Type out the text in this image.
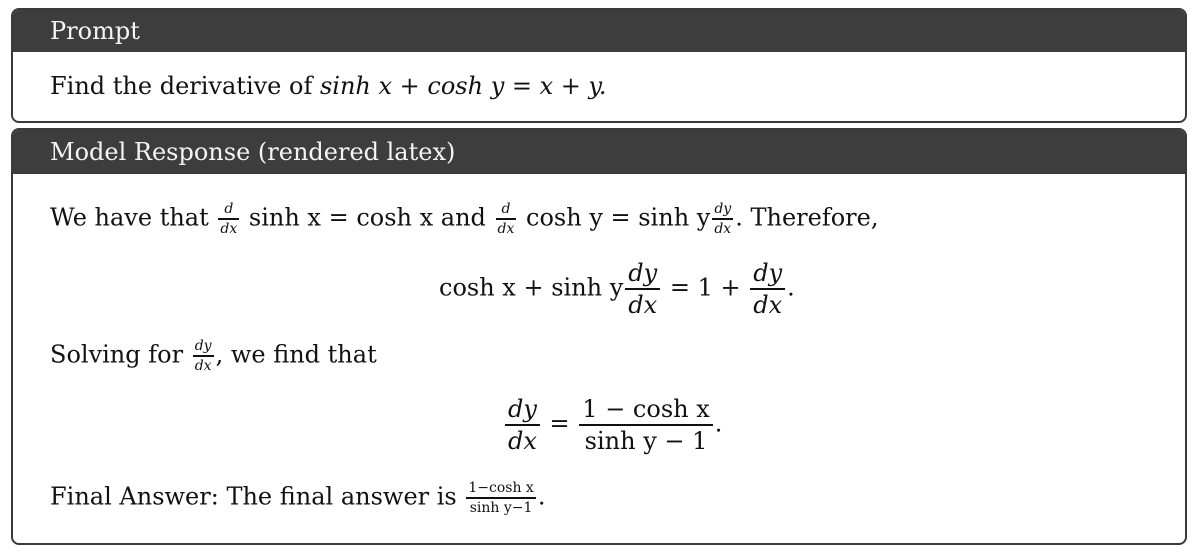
Prompt
Find the derivative of sinh x + cosh y = x + y.
Model Response (rendered latex)
We have that $\frac{d}{dx}$ sinh x = cosh x and $\frac{d}{dx}$ cosh y = sinh y $\frac{dy}{dx}$ . Therefore,
cosh x + sinh y $\frac{dy}{dx} = 1 + \frac{dy}{dx}$ .
Solving for $\frac{dy}{dx}$ , we find that
$\frac{dy}{dx} = \frac{\text{1 − cosh x}}{\text{sinh y − 1}}$ .
Final Answer: The final answer is $\frac{\text{1−cosh x}}{\text{sinh y−1}}$ .
